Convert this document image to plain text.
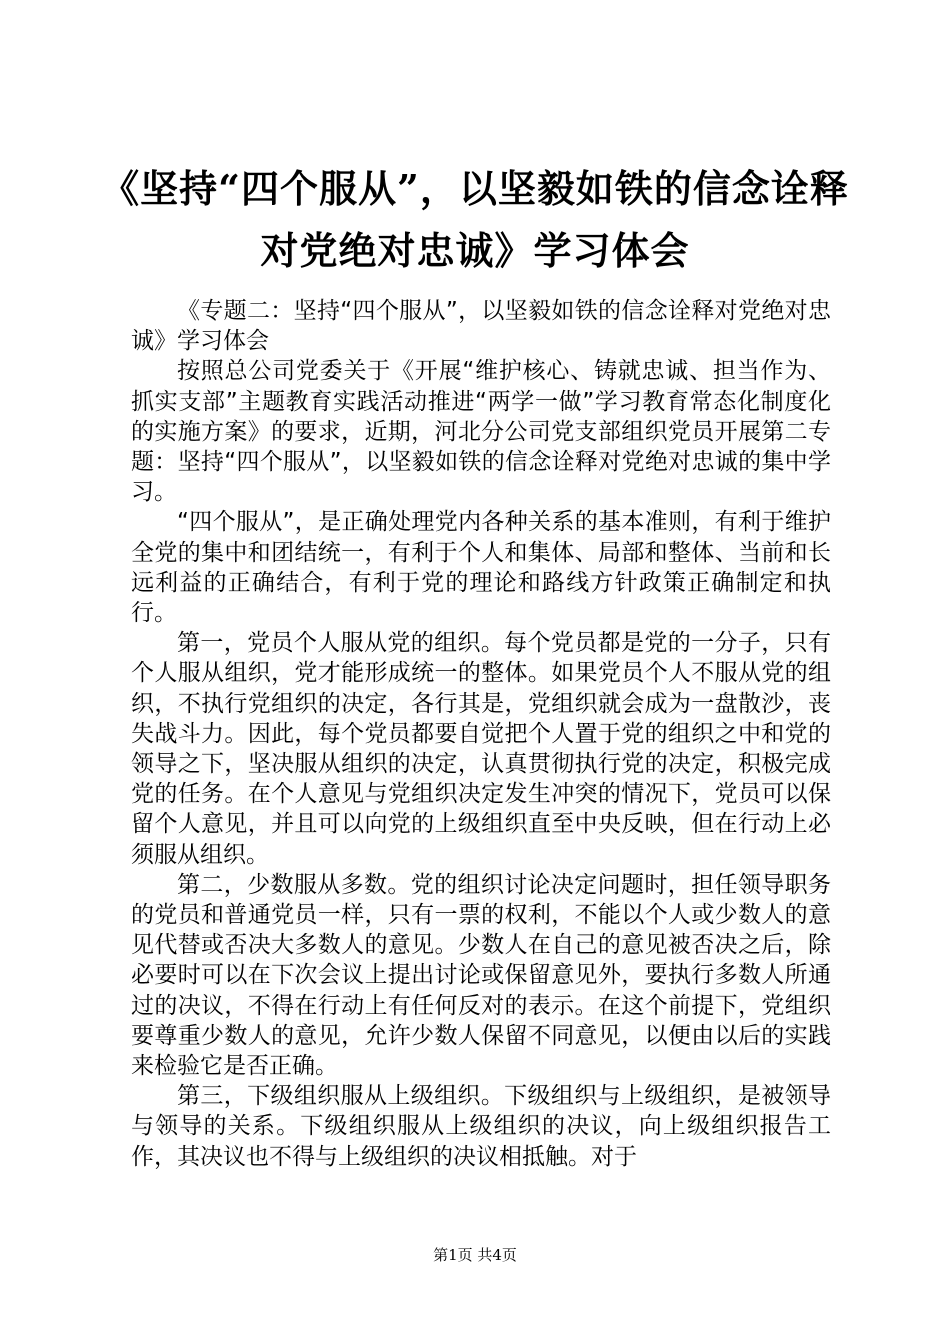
《坚持“四个服从”，以坚毅如铁的信念诠释对党绝对忠诚》学习体会

《专题二：坚持“四个服从”，以坚毅如铁的信念诠释对党绝对忠诚》学习体会

按照总公司党委关于《开展“维护核心、铸就忠诚、担当作为、抓实支部”主题教育实践活动推进“两学一做”学习教育常态化制度化的实施方案》的要求，近期，河北分公司党支部组织党员开展第二专题：坚持“四个服从”，以坚毅如铁的信念诠释对党绝对忠诚的集中学习。

“四个服从”，是正确处理党内各种关系的基本准则，有利于维护全党的集中和团结统一，有利于个人和集体、局部和整体、当前和长远利益的正确结合，有利于党的理论和路线方针政策正确制定和执行。

第一，党员个人服从党的组织。每个党员都是党的一分子，只有个人服从组织，党才能形成统一的整体。如果党员个人不服从党的组织，不执行党组织的决定，各行其是，党组织就会成为一盘散沙，丧失战斗力。因此，每个党员都要自觉把个人置于党的组织之中和党的领导之下，坚决服从组织的决定，认真贯彻执行党的决定，积极完成党的任务。在个人意见与党组织决定发生冲突的情况下，党员可以保留个人意见，并且可以向党的上级组织直至中央反映，但在行动上必须服从组织。

第二，少数服从多数。党的组织讨论决定问题时，担任领导职务的党员和普通党员一样，只有一票的权利，不能以个人或少数人的意见代替或否决大多数人的意见。少数人在自己的意见被否决之后，除必要时可以在下次会议上提出讨论或保留意见外，要执行多数人所通过的决议，不得在行动上有任何反对的表示。在这个前提下，党组织要尊重少数人的意见，允许少数人保留不同意见，以便由以后的实践来检验它是否正确。

第三，下级组织服从上级组织。下级组织与上级组织，是被领导与领导的关系。下级组织服从上级组织的决议，向上级组织报告工作，其决议也不得与上级组织的决议相抵触。对于

第1页 共4页
